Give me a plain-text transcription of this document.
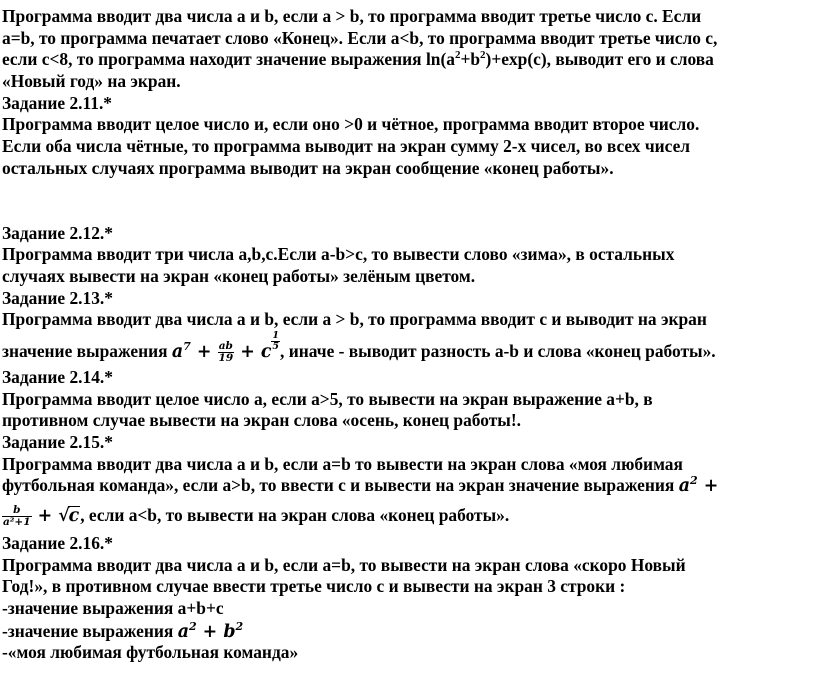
Программа вводит два числа a и b, если a > b, то программа вводит третье число c. Если
a=b, то программа печатает слово «Конец». Если a<b, то программа вводит третье число c,
если c<8, то программа находит значение выражения $\ln(a^2+b^2)+\exp(c)$, выводит его и слова
«Новый год» на экран.
Задание 2.11.*
Программа вводит целое число и, если оно >0 и чётное, программа вводит второе число.
Если оба числа чётные, то программа выводит на экран сумму 2-х чисел, во всех чисел
остальных случаях программа выводит на экран сообщение «конец работы».
Задание 2.12.*
Программа вводит три числа a,b,c.Если a-b>c, то вывести слово «зима», в остальных
случаях вывести на экран «конец работы» зелёным цветом.
Задание 2.13.*
Программа вводит два числа a и b, если a > b, то программа вводит c и выводит на экран
значение выражения 𝒂$^7$ + $\frac{ab}{19}$ + 𝒄 $\frac{1}{5}$ , иначе - выводит разность a-b и слова «конец работы».
Задание 2.14.*
Программа вводит целое число a, если a>5, то вывести на экран выражение a+b, в
противном случае вывести на экран слова «осень, конец работы!.
Задание 2.15.*
Программа вводит два числа a и b, если a=b то вывести на экран слова «моя любимая
футбольная команда», если a>b, то ввести c и вывести на экран значение выражения 𝒂$^2$ +
$\frac{b}{\text{a²+1}}$ + √𝒄, если a<b, то вывести на экран слова «конец работы».
Задание 2.16.*
Программа вводит два числа a и b, если a=b, то вывести на экран слова «скоро Новый
Год!», в противном случае ввести третье число c и вывести на экран 3 строки :
-значение выражения a+b+c
-значение выражения 𝒂$^2$ + 𝒃$^2$
-«моя любимая футбольная команда»
